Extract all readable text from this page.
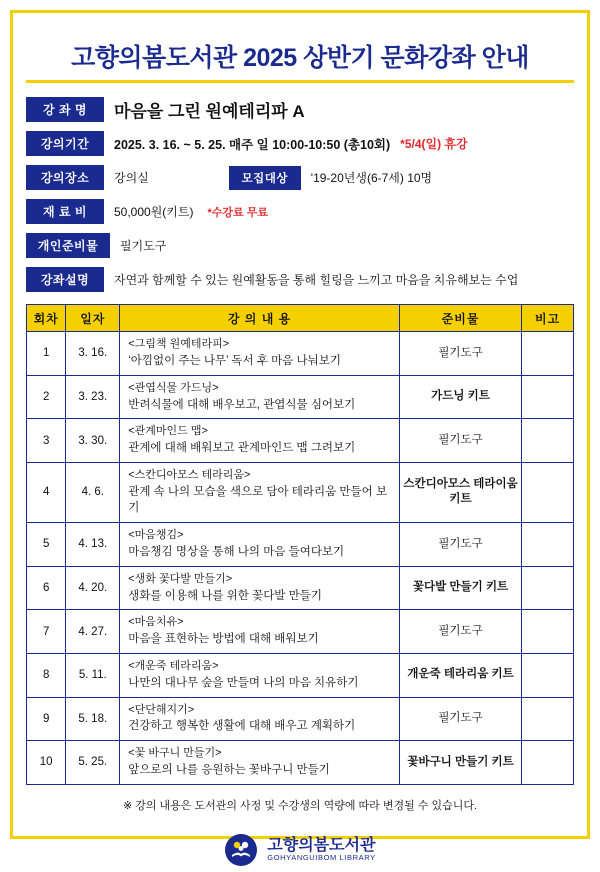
고향의봄도서관 2025 상반기 문화강좌 안내
강 좌 명	마음을 그린 원예테리파 A
강의기간	2025. 3. 16. ~ 5. 25. 매주 일 10:00-10:50 (총10회) *5/4(일) 휴강
강의장소	강의실	모집대상	'19-20년생(6-7세) 10명
재 료 비	50,000원(키트)	*수강료 무료
개인준비물	필기도구
강좌설명	자연과 함께할 수 있는 원예활동을 통해 힐링을 느끼고 마음을 치유해보는 수업
회차	일자	강 의 내 용	준비물	비고
1	3. 16.	<그림책 원예테라피>
‘아낌없이 주는 나무’ 독서 후 마음 나눠보기	필기도구	
2	3. 23.	<관엽식물 가드닝>
반려식물에 대해 배우보고, 관엽식물 심어보기	가드닝 키트	
3	3. 30.	<관계마인드 맵>
관계에 대해 배워보고 관계마인드 맵 그려보기	필기도구	
4	4. 6.	<스칸디아모스 테라리움>
관계 속 나의 모습을 색으로 담아 테라리움 만들어 보기	스칸디아모스 테라이움 키트	
5	4. 13.	<마음챙김>
마음챙김 명상을 통해 나의 마음 들여다보기	필기도구	
6	4. 20.	<생화 꽃다발 만들기>
생화를 이용해 나를 위한 꽃다발 만들기	꽃다발 만들기 키트	
7	4. 27.	<마음치유>
마음을 표현하는 방법에 대해 배워보기	필기도구	
8	5. 11.	<개운죽 테라리움>
나만의 대나무 숲을 만들며 나의 마음 치유하기	개운죽 테라리움 키트	
9	5. 18.	<단단해지기>
건강하고 행복한 생활에 대해 배우고 계획하기	필기도구	
10	5. 25.	<꽃 바구니 만들기>
앞으로의 나를 응원하는 꽃바구니 만들기	꽃바구니 만들기 키트	
※ 강의 내용은 도서관의 사정 및 수강생의 역량에 따라 변경될 수 있습니다.
고향의봄도서관
GOHYANGUIBOM LIBRARY
